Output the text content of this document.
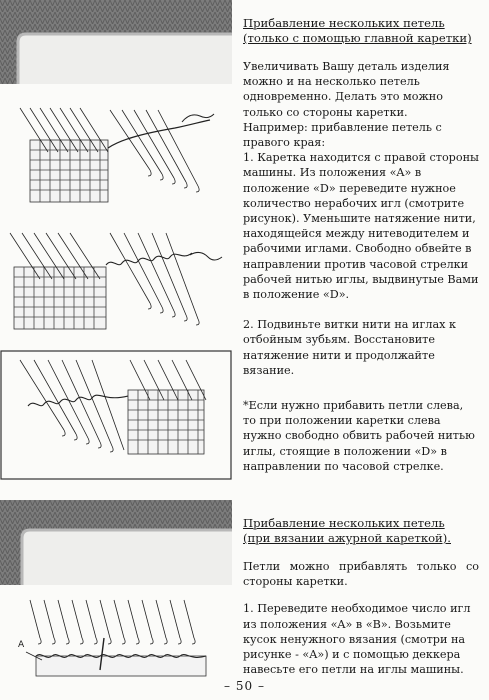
A

Прибавление нескольких петель

(только с помощью главной каретки)

Увеличивать Вашу деталь изделия можно и на несколько петель одновременно. Делать это можно только со стороны каретки.

Например: прибавление петель с правого края:

1. Каретка находится с правой стороны машины. Из положения «A» в положение «D» переведите нужное количество нерабочих игл (смотрите рисунок). Уменьшите натяжение нити, находящейся между нитеводителем и рабочими иглами. Свободно обвейте в направлении против часовой стрелки рабочей нитью иглы, выдвинутые Вами в положение «D».

2. Подвиньте витки нити на иглах к отбойным зубьям. Восстановите натяжение нити и продолжайте вязание.

*Если нужно прибавить петли слева, то при положении каретки слева нужно свободно обвить рабочей нитью иглы, стоящие в положении «D» в направлении по часовой стрелке.

Прибавление нескольких петель

(при вязании ажурной кареткой).

Петли можно прибавлять только со стороны каретки.

1. Переведите необходимое число игл из положения «A» в «B». Возьмите кусок ненужного вязания (смотри на рисунке - «A») и с помощью деккера навесьте его петли на иглы машины.

– 50 –
